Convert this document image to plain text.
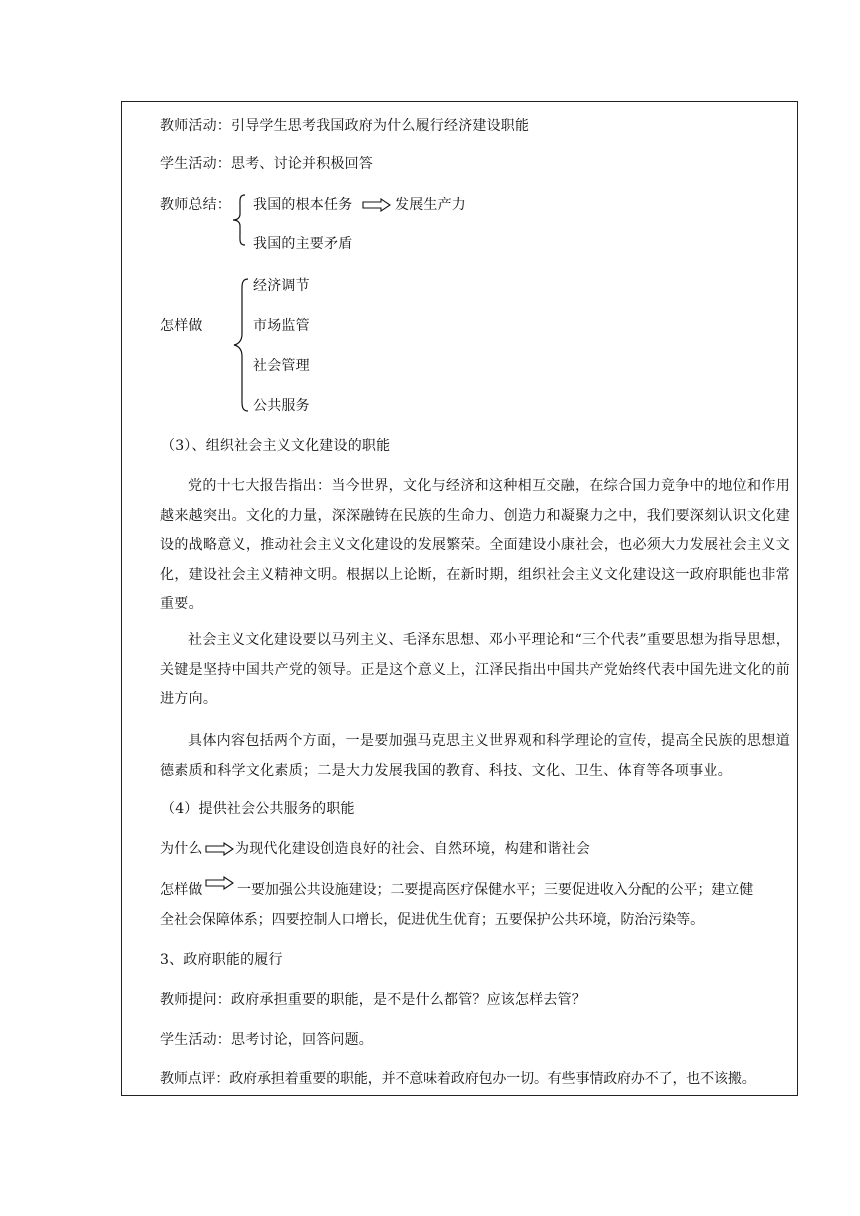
教师活动：引导学生思考我国政府为什么履行经济建设职能
学生活动：思考、讨论并积极回答
教师总结： 我国的根本任务	发展生产力
我国的主要矛盾
怎样做
经济调节
市场监管
社会管理
公共服务
（3）、组织社会主义文化建设的职能
党的十七大报告指出：当今世界，文化与经济和这种相互交融，在综合国力竞争中的地位和作用越来越突出。文化的力量，深深融铸在民族的生命力、创造力和凝聚力之中，我们要深刻认识文化建设的战略意义，推动社会主义文化建设的发展繁荣。全面建设小康社会，也必须大力发展社会主义文化，建设社会主义精神文明。根据以上论断，在新时期，组织社会主义文化建设这一政府职能也非常重要。
社会主义文化建设要以马列主义、毛泽东思想、邓小平理论和“三个代表”重要思想为指导思想，关键是坚持中国共产党的领导。正是这个意义上，江泽民指出中国共产党始终代表中国先进文化的前进方向。
具体内容包括两个方面，一是要加强马克思主义世界观和科学理论的宣传，提高全民族的思想道德素质和科学文化素质；二是大力发展我国的教育、科技、文化、卫生、体育等各项事业。
（4）提供社会公共服务的职能
为什么 为现代化建设创造良好的社会、自然环境，构建和谐社会
怎样做 一要加强公共设施建设；二要提高医疗保健水平；三要促进收入分配的公平；建立健
全社会保障体系；四要控制人口增长，促进优生优育；五要保护公共环境，防治污染等。
3、政府职能的履行
教师提问：政府承担重要的职能，是不是什么都管？应该怎样去管？
学生活动：思考讨论，回答问题。
教师点评：政府承担着重要的职能，并不意味着政府包办一切。有些事情政府办不了，也不该搬。
